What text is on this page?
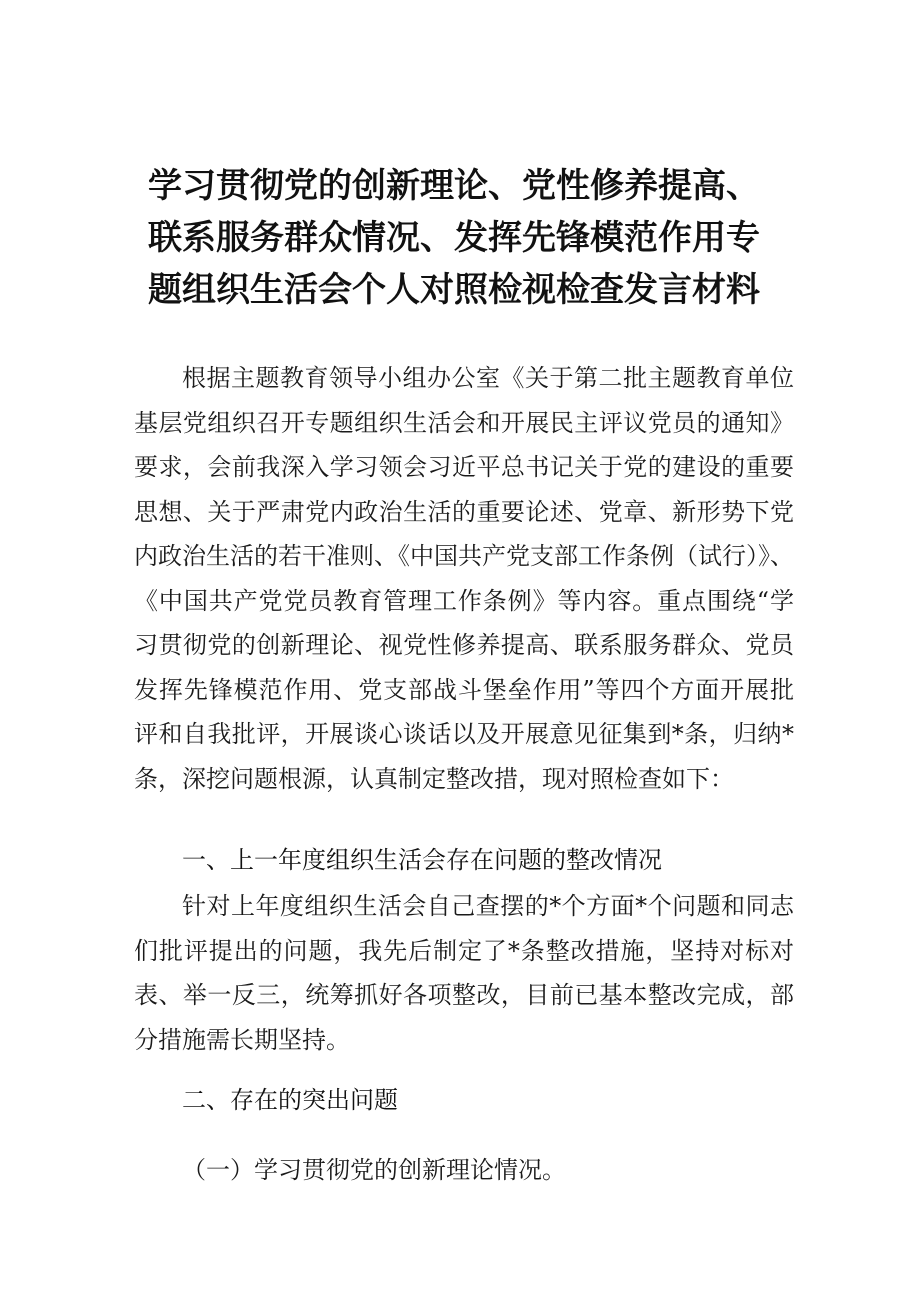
学习贯彻党的创新理论、党性修养提高、联系服务群众情况、发挥先锋模范作用专题组织生活会个人对照检视检查发言材料

根据主题教育领导小组办公室《关于第二批主题教育单位基层党组织召开专题组织生活会和开展民主评议党员的通知》要求，会前我深入学习领会习近平总书记关于党的建设的重要思想、关于严肃党内政治生活的重要论述、党章、新形势下党内政治生活的若干准则、《中国共产党支部工作条例（试行）》、《中国共产党党员教育管理工作条例》等内容。重点围绕“学习贯彻党的创新理论、视党性修养提高、联系服务群众、党员发挥先锋模范作用、党支部战斗堡垒作用”等四个方面开展批评和自我批评，开展谈心谈话以及开展意见征集到*条，归纳*条，深挖问题根源，认真制定整改措，现对照检查如下：

一、上一年度组织生活会存在问题的整改情况

针对上年度组织生活会自己查摆的*个方面*个问题和同志们批评提出的问题，我先后制定了*条整改措施，坚持对标对表、举一反三，统筹抓好各项整改，目前已基本整改完成，部分措施需长期坚持。

二、存在的突出问题

（一）学习贯彻党的创新理论情况。
